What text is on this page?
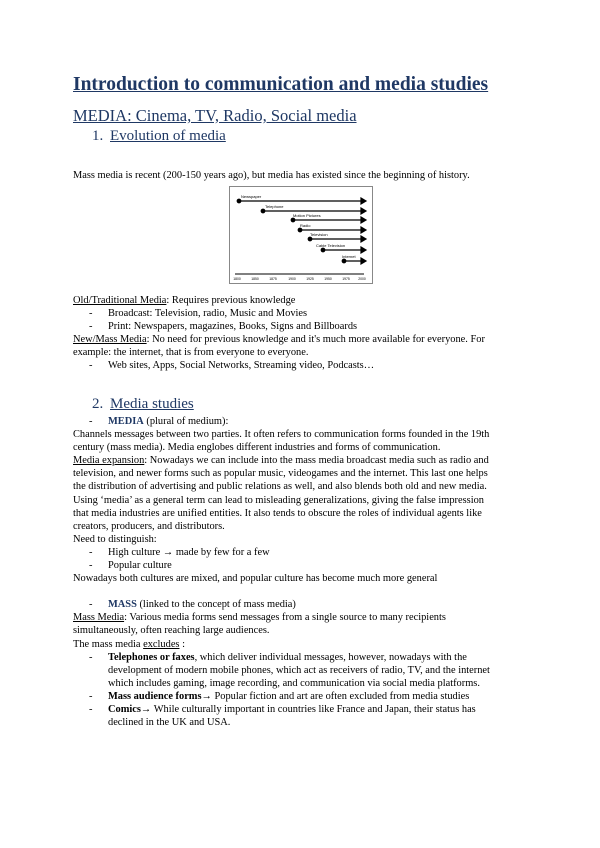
Introduction to communication and media studies
MEDIA: Cinema, TV, Radio, Social media
1. Evolution of media
Mass media is recent (200-150 years ago), but media has existed since the beginning of history.
Newspaper
Telephone
Motion Pictures
Radio
Television
Cable Television
Internet
1800	1850	1875	1900	1925	1950	1975 2000
Old/Traditional Media: Requires previous knowledge
- Broadcast: Television, radio, Music and Movies
- Print: Newspapers, magazines, Books, Signs and Billboards
New/Mass Media: No need for previous knowledge and it's much more available for everyone. For
example: the internet, that is from everyone to everyone.
- Web sites, Apps, Social Networks, Streaming video, Podcasts…
2. Media studies
- MEDIA (plural of medium):
Channels messages between two parties. It often refers to communication forms founded in the 19th
century (mass media). Media englobes different industries and forms of communication.
Media expansion: Nowadays we can include into the mass media broadcast media such as radio and
television, and newer forms such as popular music, videogames and the internet. This last one helps
the distribution of advertising and public relations as well, and also blends both old and new media.
Using ‘media’ as a general term can lead to misleading generalizations, giving the false impression
that media industries are unified entities. It also tends to obscure the roles of individual agents like
creators, producers, and distributors.
Need to distinguish:
- High culture → made by few for a few
- Popular culture
Nowadays both cultures are mixed, and popular culture has become much more general
- MASS (linked to the concept of mass media)
Mass Media: Various media forms send messages from a single source to many recipients
simultaneously, often reaching large audiences.
The mass media excludes :
- Telephones or faxes, which deliver individual messages, however, nowadays with the
development of modern mobile phones, which act as receivers of radio, TV, and the internet
which includes gaming, image recording, and communication via social media platforms.
- Mass audience forms→ Popular fiction and art are often excluded from media studies
- Comics→ While culturally important in countries like France and Japan, their status has
declined in the UK and USA.
